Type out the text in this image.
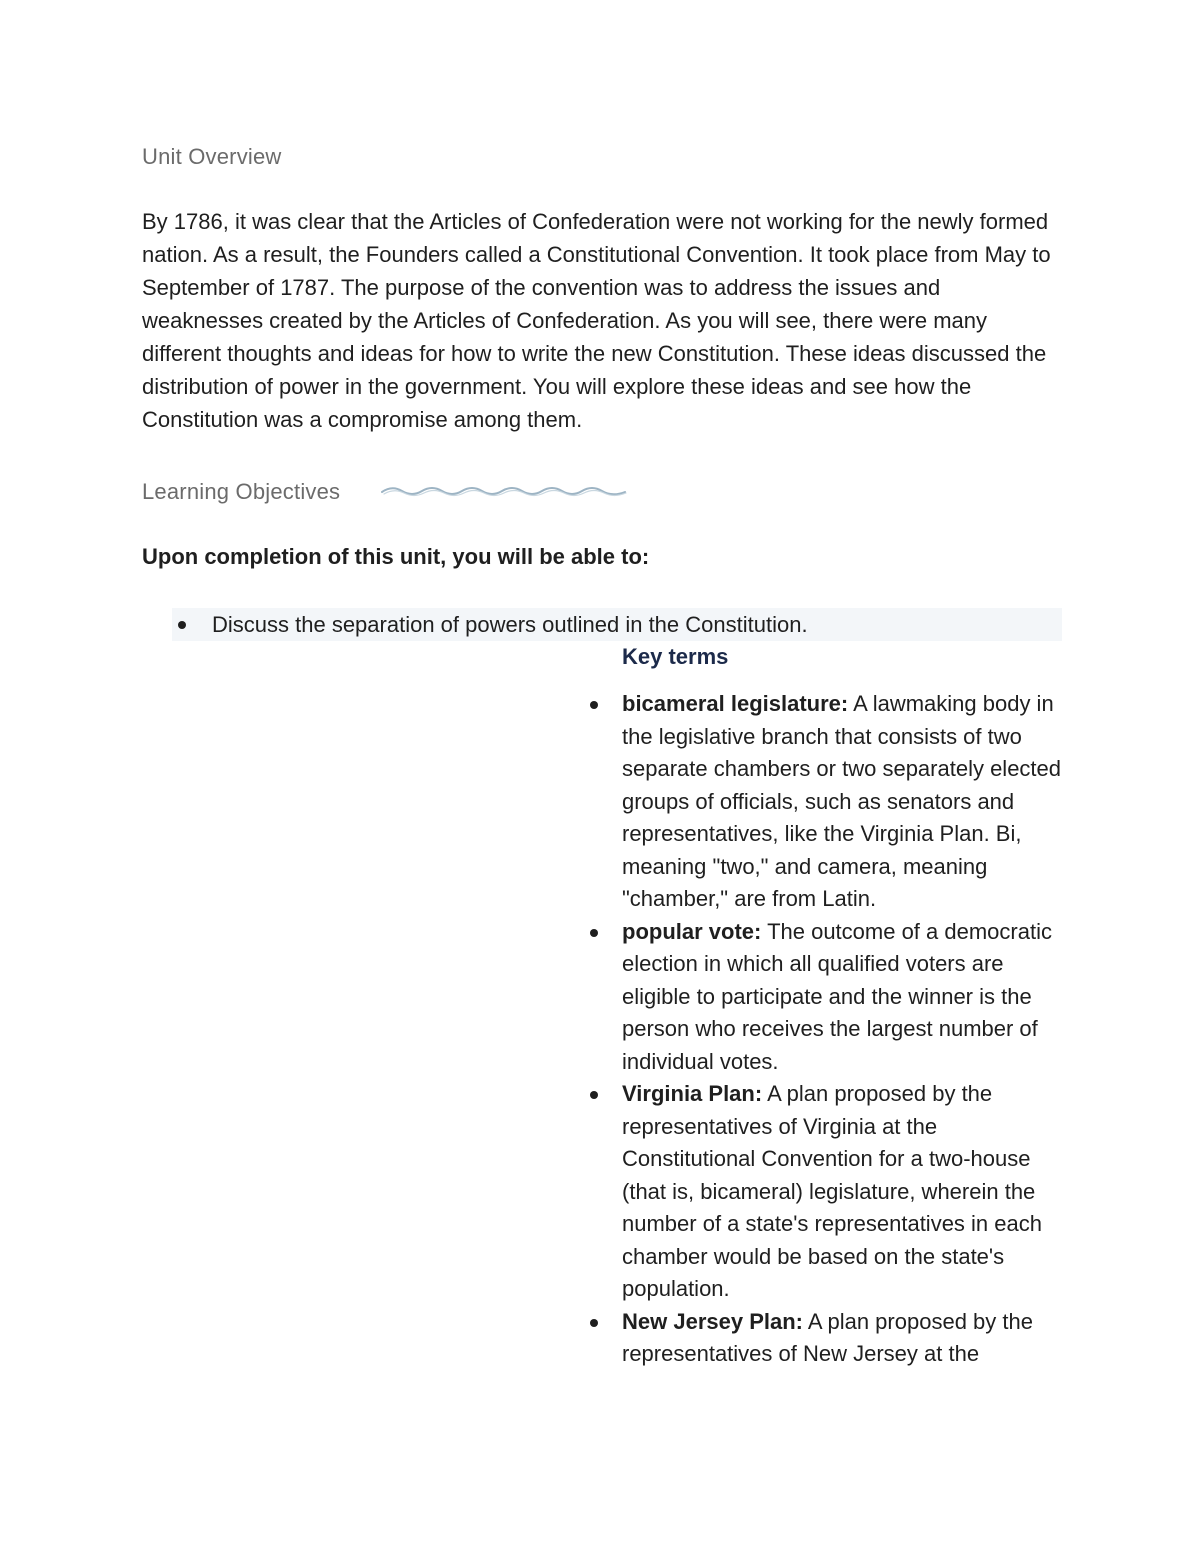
Unit Overview

By 1786, it was clear that the Articles of Confederation were not working for the newly formed nation. As a result, the Founders called a Constitutional Convention. It took place from May to September of 1787. The purpose of the convention was to address the issues and weaknesses created by the Articles of Confederation. As you will see, there were many different thoughts and ideas for how to write the new Constitution. These ideas discussed the distribution of power in the government. You will explore these ideas and see how the Constitution was a compromise among them.

Learning Objectives

Upon completion of this unit, you will be able to:

Discuss the separation of powers outlined in the Constitution.
Key terms
bicameral legislature: A lawmaking body in the legislative branch that consists of two separate chambers or two separately elected groups of officials, such as senators and representatives, like the Virginia Plan. Bi, meaning "two," and camera, meaning "chamber," are from Latin.
popular vote: The outcome of a democratic election in which all qualified voters are eligible to participate and the winner is the person who receives the largest number of individual votes.
Virginia Plan: A plan proposed by the representatives of Virginia at the Constitutional Convention for a two-house (that is, bicameral) legislature, wherein the number of a state's representatives in each chamber would be based on the state's population.
New Jersey Plan: A plan proposed by the representatives of New Jersey at the
